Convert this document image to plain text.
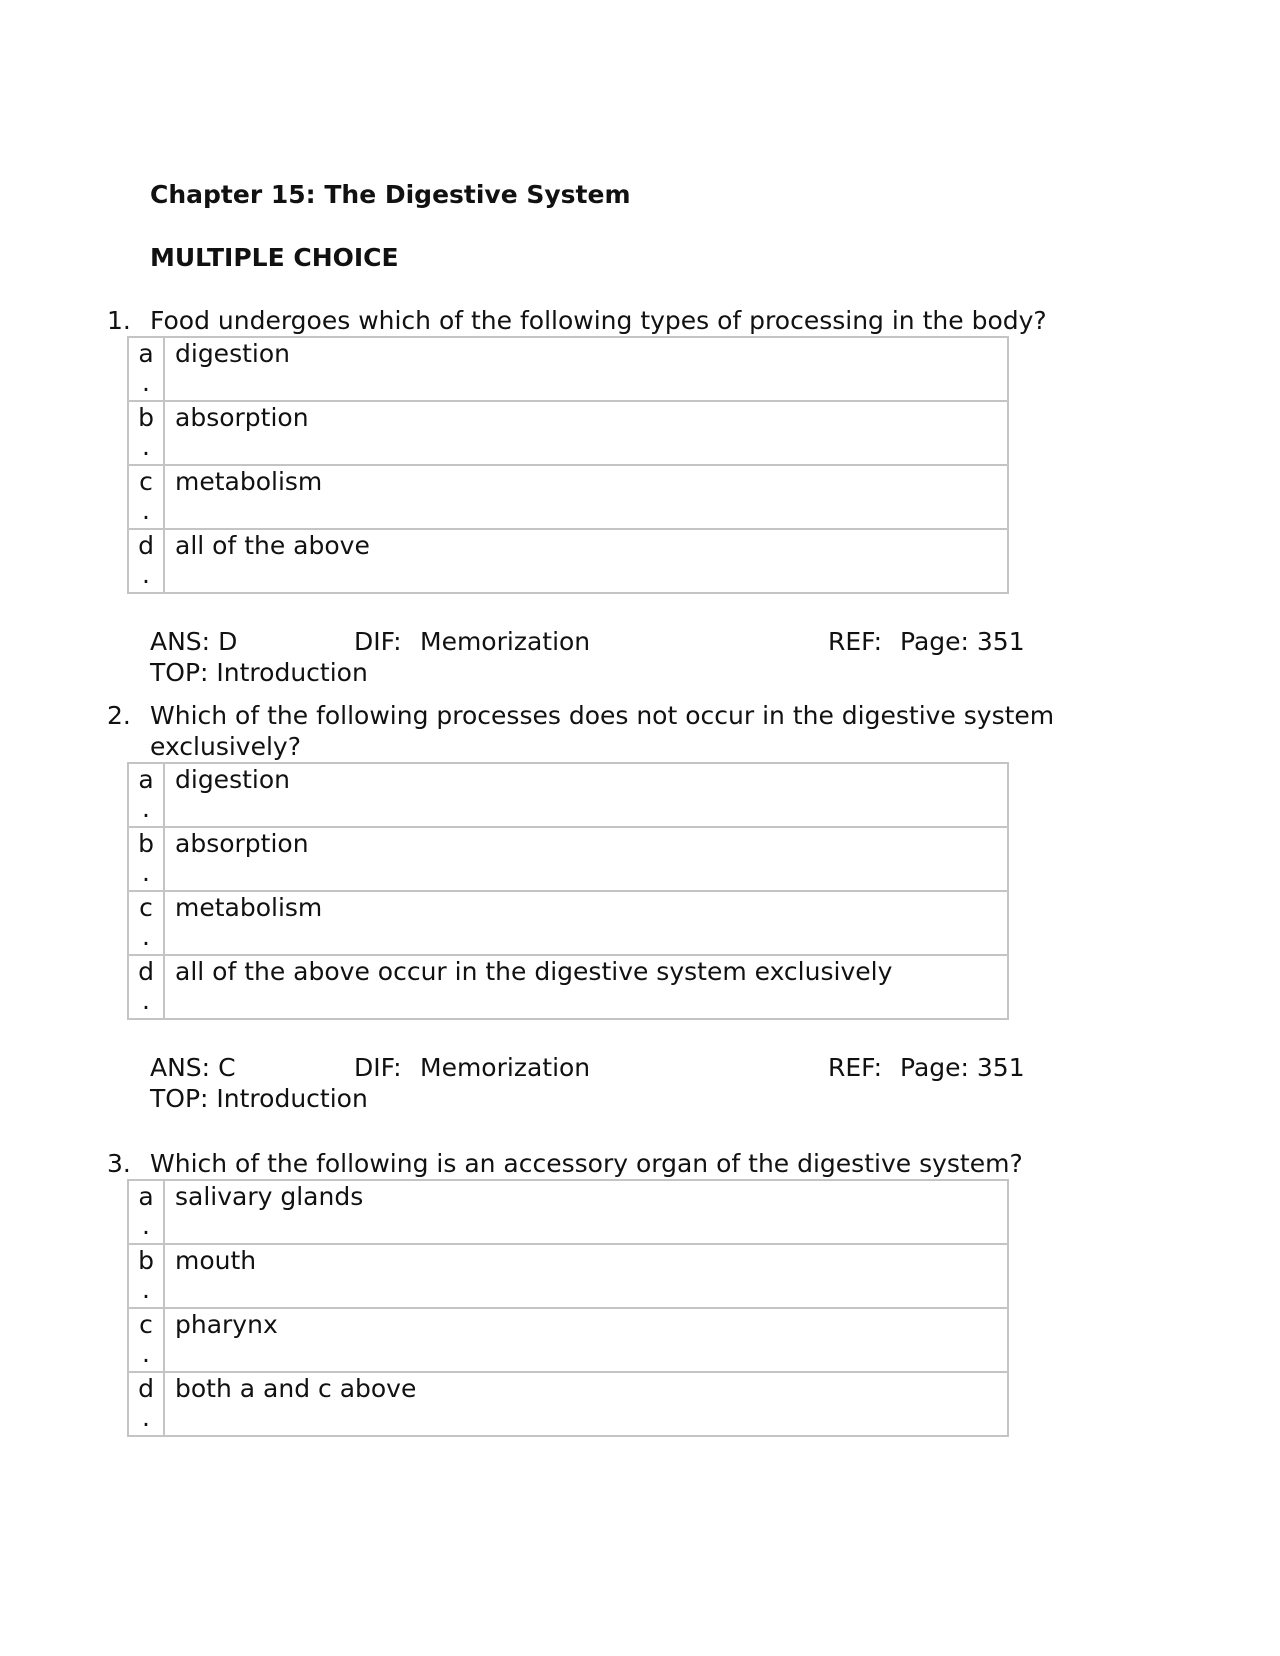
Chapter 15: The Digestive System
MULTIPLE CHOICE
1. Food undergoes which of the following types of processing in the body?
a
.	digestion

b
.	absorption

c
.	metabolism

d
.	all of the above
ANS: D	DIF: Memorization	REF: Page: 351
TOP: Introduction
2. Which of the following processes does not occur in the digestive system exclusively?
a
.	digestion

b
.	absorption

c
.	metabolism

d
.	all of the above occur in the digestive system exclusively
ANS: C	DIF: Memorization	REF: Page: 351
TOP: Introduction
3. Which of the following is an accessory organ of the digestive system?
a
.	salivary glands

b
.	mouth

c
.	pharynx

d
.	both a and c above
